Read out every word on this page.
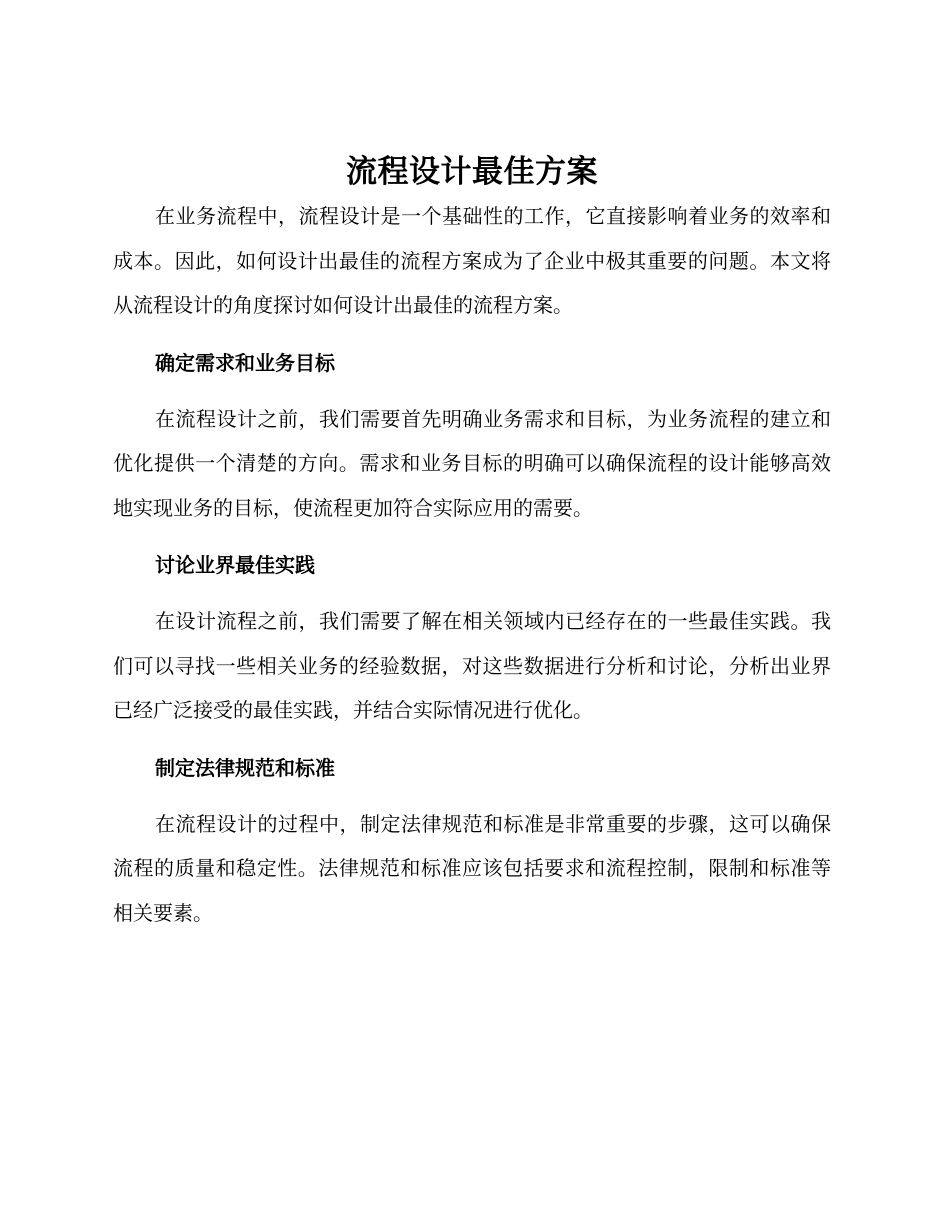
流程设计最佳方案

在业务流程中，流程设计是一个基础性的工作，它直接影响着业务的效率和成本。因此，如何设计出最佳的流程方案成为了企业中极其重要的问题。本文将从流程设计的角度探讨如何设计出最佳的流程方案。

确定需求和业务目标

在流程设计之前，我们需要首先明确业务需求和目标，为业务流程的建立和优化提供一个清楚的方向。需求和业务目标的明确可以确保流程的设计能够高效地实现业务的目标，使流程更加符合实际应用的需要。

讨论业界最佳实践

在设计流程之前，我们需要了解在相关领域内已经存在的一些最佳实践。我们可以寻找一些相关业务的经验数据，对这些数据进行分析和讨论，分析出业界已经广泛接受的最佳实践，并结合实际情况进行优化。

制定法律规范和标准

在流程设计的过程中，制定法律规范和标准是非常重要的步骤，这可以确保流程的质量和稳定性。法律规范和标准应该包括要求和流程控制，限制和标准等相关要素。
